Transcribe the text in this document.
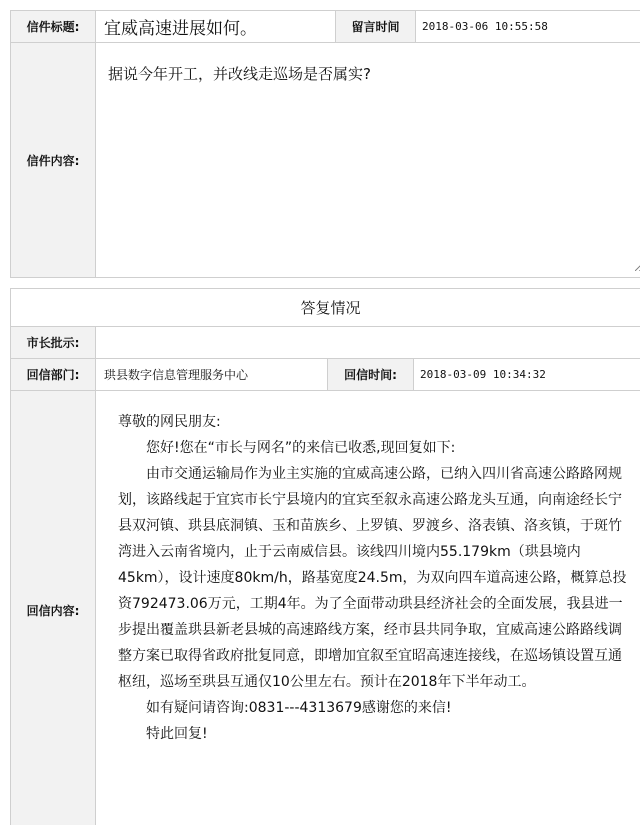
信件标题:	宜威高速进展如何。	留言时间	2018-03-06 10:55:58
信件内容:	据说今年开工，并改线走巡场是否属实?		
答复情况			
市长批示:			
回信部门:	珙县数字信息管理服务中心	回信时间:	2018-03-09 10:34:32
回信内容:	尊敬的网民朋友:

您好!您在“市长与网名”的来信已收悉,现回复如下:

由市交通运输局作为业主实施的宜威高速公路，已纳入四川省高速公路路网规划，该路线起于宜宾市长宁县境内的宜宾至叙永高速公路龙头互通，向南途经长宁县双河镇、珙县底洞镇、玉和苗族乡、上罗镇、罗渡乡、洛表镇、洛亥镇，于斑竹湾进入云南省境内，止于云南威信县。该线四川境内55.179km（珙县境内45km），设计速度80km/h，路基宽度24.5m，为双向四车道高速公路，概算总投资792473.06万元，工期4年。为了全面带动珙县经济社会的全面发展，我县进一步提出覆盖珙县新老县城的高速路线方案，经市县共同争取，宜威高速公路路线调整方案已取得省政府批复同意，即增加宜叙至宜昭高速连接线，在巡场镇设置互通枢纽，巡场至珙县互通仅10公里左右。预计在2018年下半年动工。

如有疑问请咨询:0831---4313679感谢您的来信!

特此回复!		
